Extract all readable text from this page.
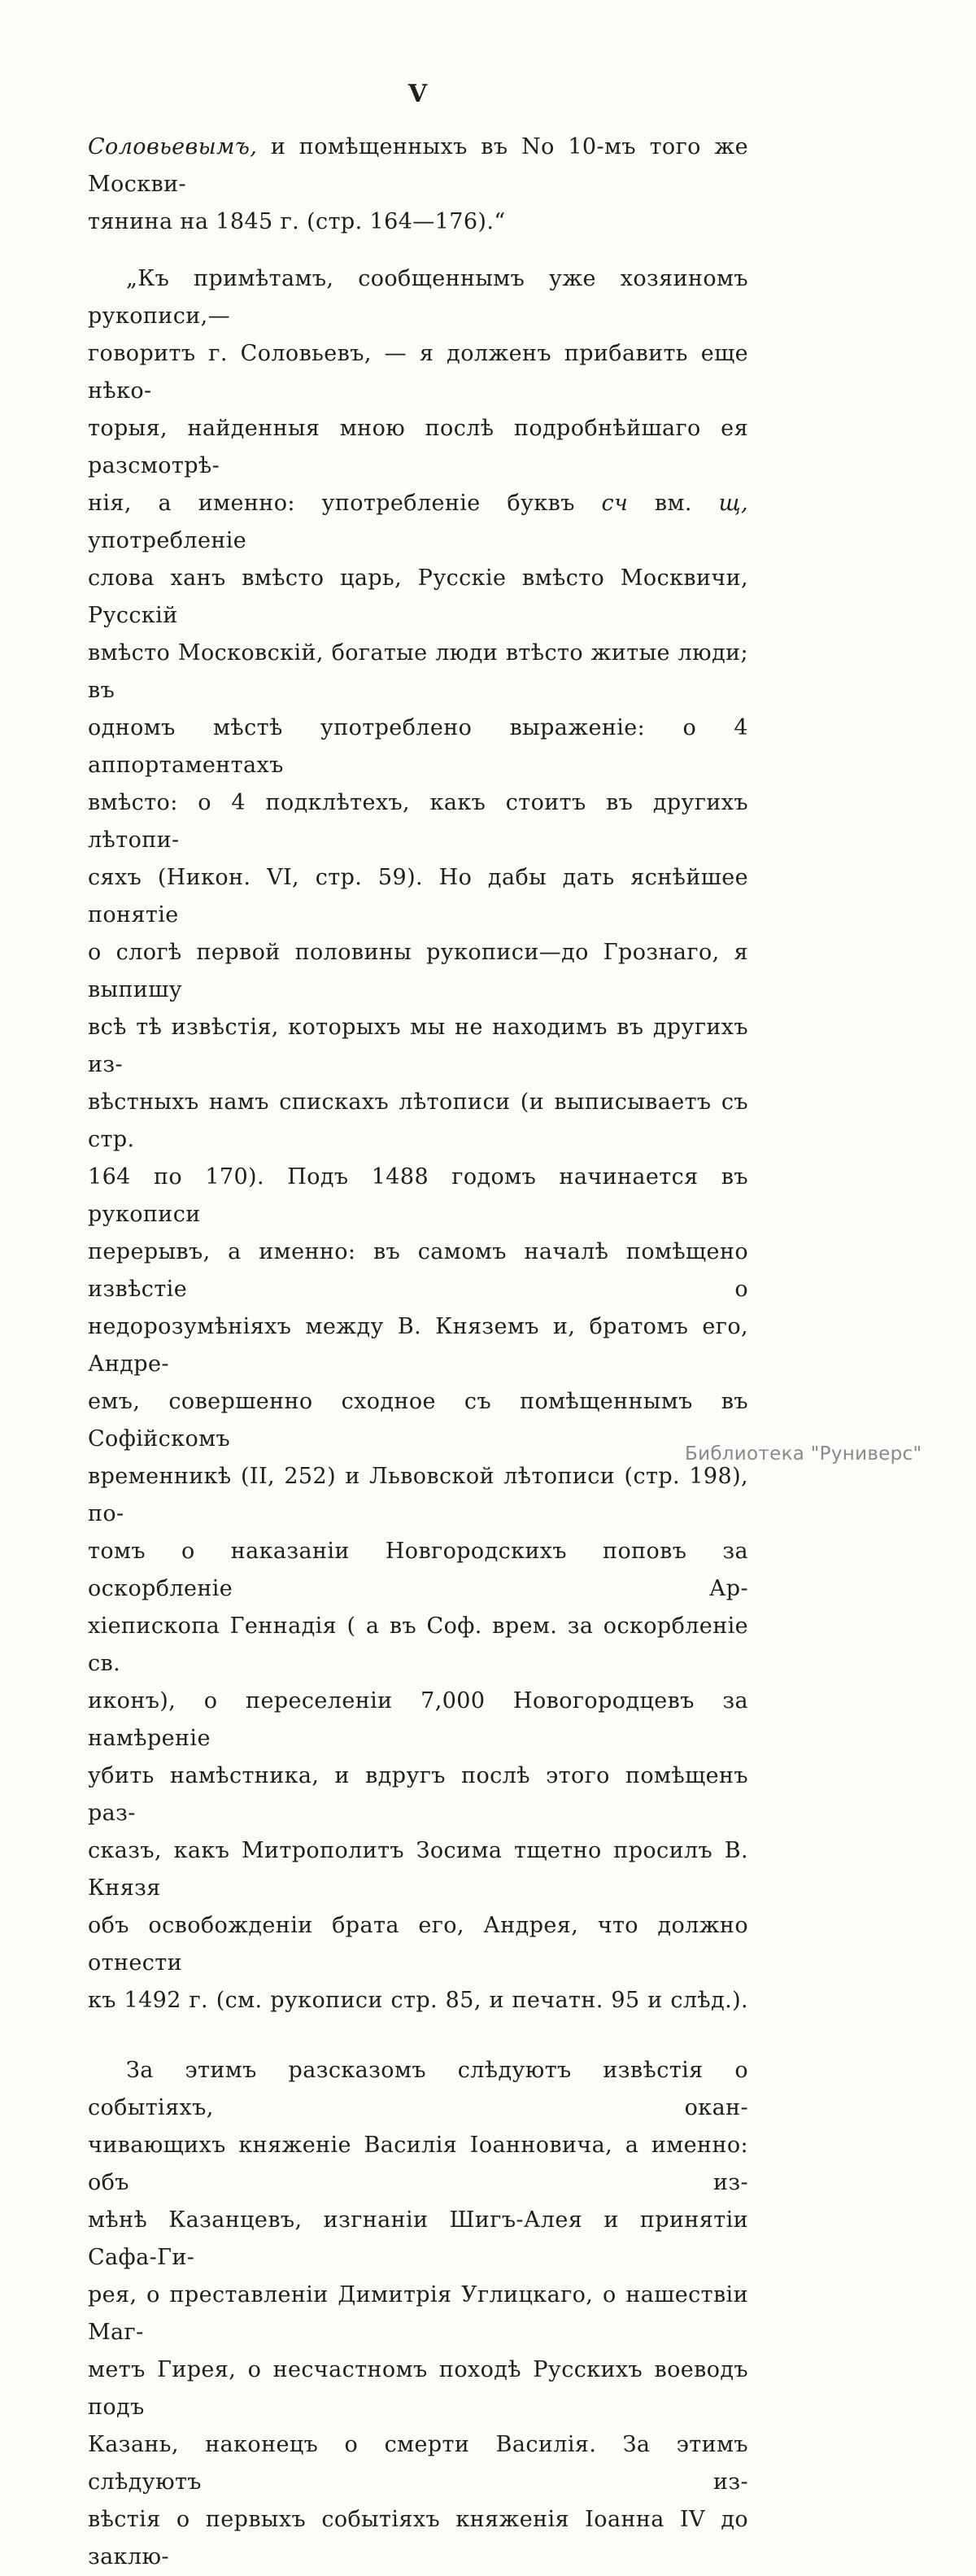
V
Соловьевымъ, и помѣщенныхъ въ No 10-мъ того же Москви-
тянина на 1845 г. (стр. 164—176).“
„Къ примѣтамъ, сообщеннымъ уже хозяиномъ рукописи,—
говоритъ г. Соловьевъ, — я долженъ прибавить еще нѣко-
торыя, найденныя мною послѣ подробнѣйшаго ея разсмотрѣ-
нія, а именно: употребленіе буквъ сч вм. щ, употребленіе
слова ханъ вмѣсто царь, Русскіе вмѣсто Москвичи, Русскій
вмѣсто Московскій, богатые люди втѣсто житые люди; въ
одномъ мѣстѣ употреблено выраженіе: о 4 аппортаментахъ
вмѣсто: о 4 подклѣтехъ, какъ стоитъ въ другихъ лѣтопи-
сяхъ (Никон. VI, стр. 59). Но дабы дать яснѣйшее понятіе
о слогѣ первой половины рукописи—до Грознаго, я выпишу
всѣ тѣ извѣстія, которыхъ мы не находимъ въ другихъ из-
вѣстныхъ намъ спискахъ лѣтописи (и выписываетъ съ стр.
164 по 170). Подъ 1488 годомъ начинается въ рукописи
перерывъ, а именно: въ самомъ началѣ помѣщено извѣстіе о
недорозумѣніяхъ между В. Княземъ и, братомъ его, Андре-
емъ, совершенно сходное съ помѣщеннымъ въ Софійскомъ
временникѣ (II, 252) и Львовской лѣтописи (стр. 198), по-
томъ о наказаніи Новгородскихъ поповъ за оскорбленіе Ар-
хіепископа Геннадія ( а въ Соф. врем. за оскорбленіе св.
иконъ), о переселеніи 7,000 Новогородцевъ за намѣреніе
убить намѣстника, и вдругъ послѣ этого помѣщенъ раз-
сказъ, какъ Митрополитъ Зосима тщетно просилъ В. Князя
объ освобожденіи брата его, Андрея, что должно отнести
къ 1492 г. (см. рукописи стр. 85, и печатн. 95 и слѣд.).
За этимъ разсказомъ слѣдуютъ извѣстія о событіяхъ, окан-
чивающихъ княженіе Василія Іоанновича, а именно: объ из-
мѣнѣ Казанцевъ, изгнаніи Шигъ-Алея и принятіи Сафа-Ги-
рея, о преставленіи Димитрія Углицкаго, о нашествіи Маг-
метъ Гирея, о несчастномъ походѣ Русскихъ воеводъ подъ
Казань, наконецъ о смерти Василія. За этимъ слѣдуютъ из-
вѣстія о первыхъ событіяхъ княженія Іоанна IV до заклю-
Библиотека "Руниверс"
